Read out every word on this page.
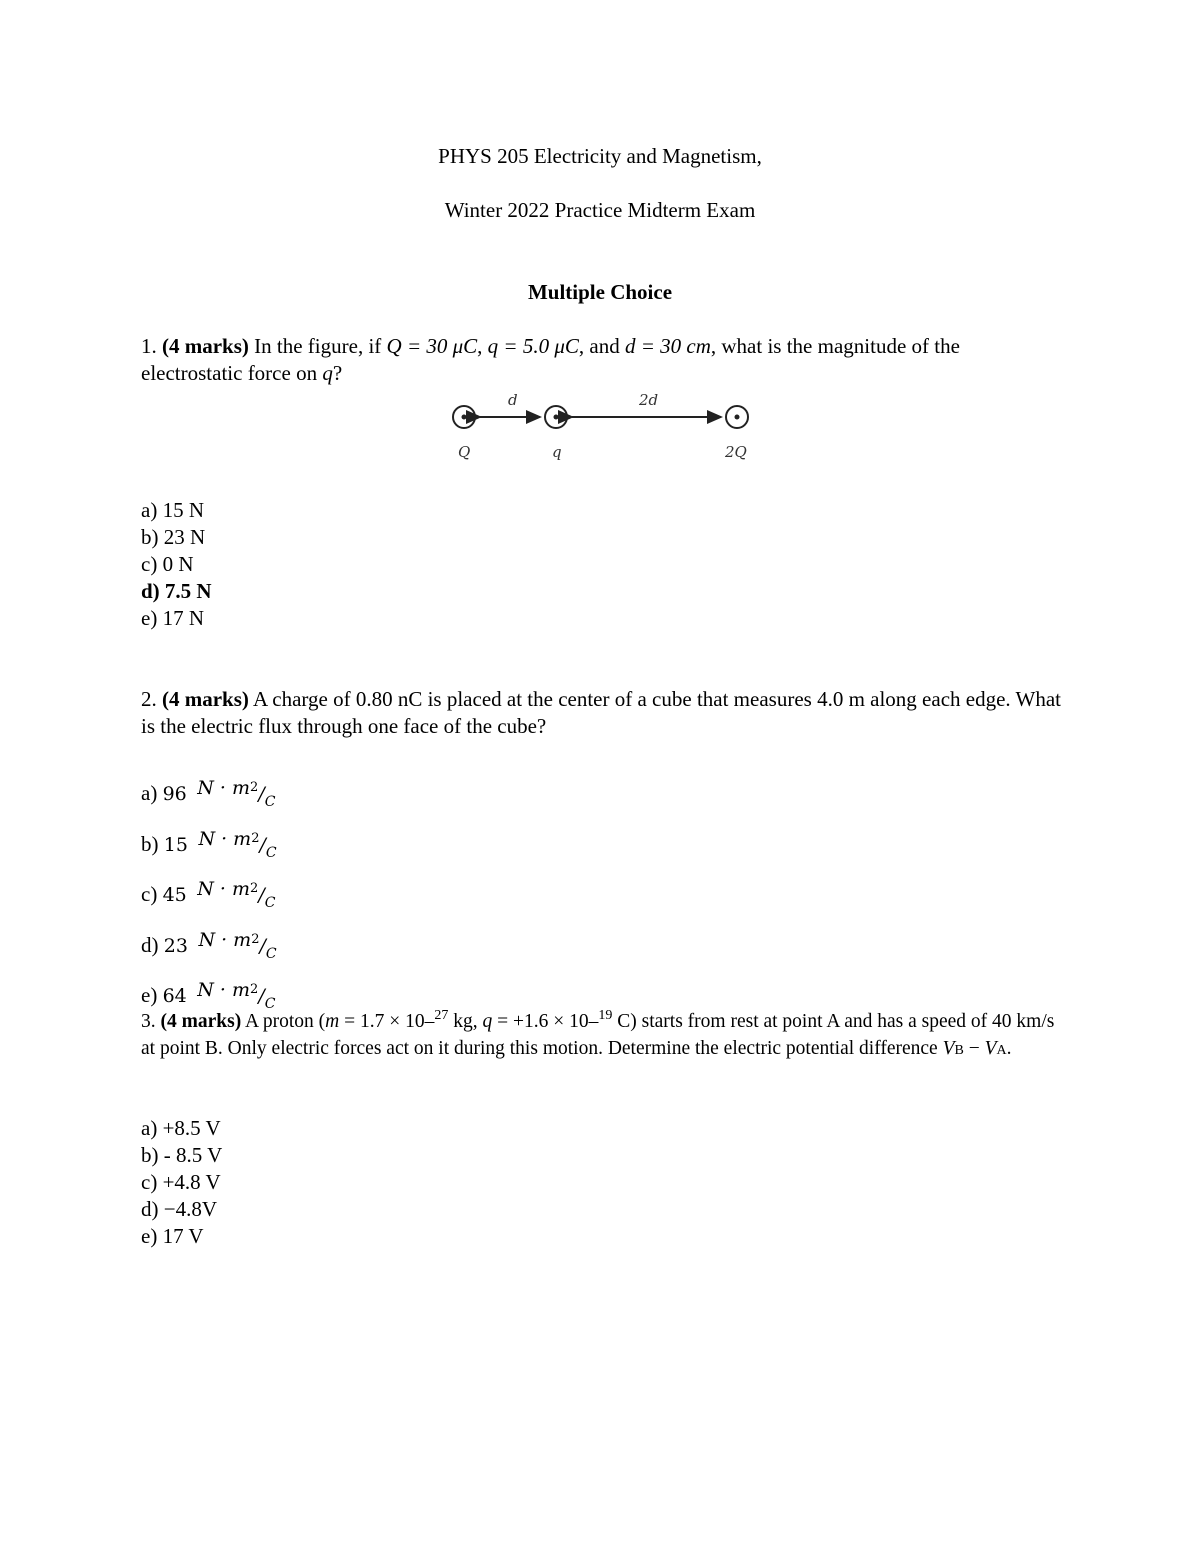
PHYS 205 Electricity and Magnetism,
Winter 2022 Practice Midterm Exam
Multiple Choice
1. (4 marks) In the figure, if Q = 30 μC, q = 5.0 μC, and d = 30 cm, what is the magnitude of the electrostatic force on q?
d	2d
Q	q	2Q
a) 15 N
b) 23 N
c) 0 N
d) 7.5 N
e) 17 N
2. (4 marks) A charge of 0.80 nC is placed at the center of a cube that measures 4.0 m along each edge. What is the electric flux through one face of the cube?
a) 96 $N \cdot m^2/_C$
b) 15 $N \cdot m^2/_C$
c) 45 $N \cdot m^2/_C$
d) 23 $N \cdot m^2/_C$
e) 64 $N \cdot m^2/_C$
3. (4 marks) A proton (m = 1.7 × 10–$^{27}$ kg, q = +1.6 × 10–$^{19}$ C) starts from rest at point A and has a speed of 40 km/s at point B. Only electric forces act on it during this motion. Determine the electric potential difference VB − VA.
a) +8.5 V
b) - 8.5 V
c) +4.8 V
d) −4.8V
e) 17 V
